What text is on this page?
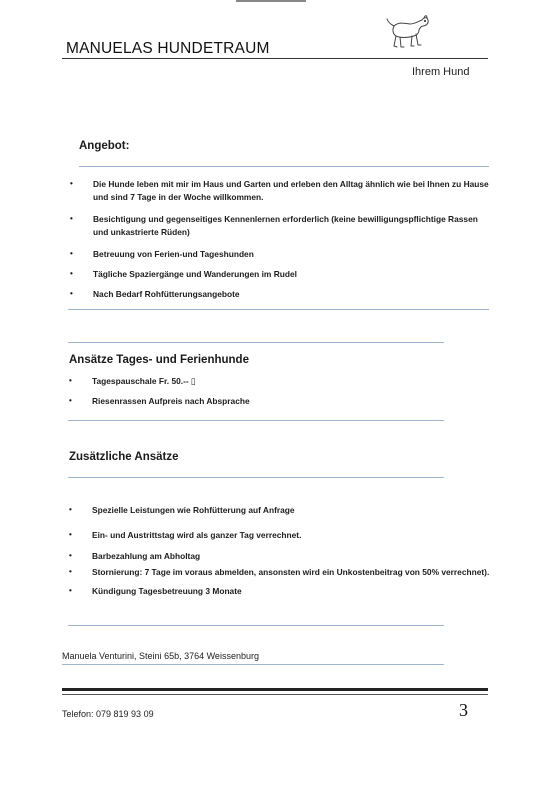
MANUELAS HUNDETRAUM
Ihrem Hund
Angebot:
• Die Hunde leben mit mir im Haus und Garten und erleben den Alltag ähnlich wie bei Ihnen zu Hause und sind 7 Tage in der Woche willkommen.
• Besichtigung und gegenseitiges Kennenlernen erforderlich (keine bewilligungspflichtige Rassen und unkastrierte Rüden)
• Betreuung von Ferien-und Tageshunden
• Tägliche Spaziergänge und Wanderungen im Rudel
• Nach Bedarf Rohfütterungsangebote
Ansätze Tages- und Ferienhunde
• Tagespauschale Fr. 50.-- ▯
• Riesenrassen Aufpreis nach Absprache
Zusätzliche Ansätze
• Spezielle Leistungen wie Rohfütterung auf Anfrage
• Ein- und Austrittstag wird als ganzer Tag verrechnet.
• Barbezahlung am Abholtag
• Stornierung: 7 Tage im voraus abmelden, ansonsten wird ein Unkostenbeitrag von 50% verrechnet).
• Kündigung Tagesbetreuung 3 Monate
Manuela Venturini, Steini 65b, 3764 Weissenburg
Telefon: 079 819 93 09	3
